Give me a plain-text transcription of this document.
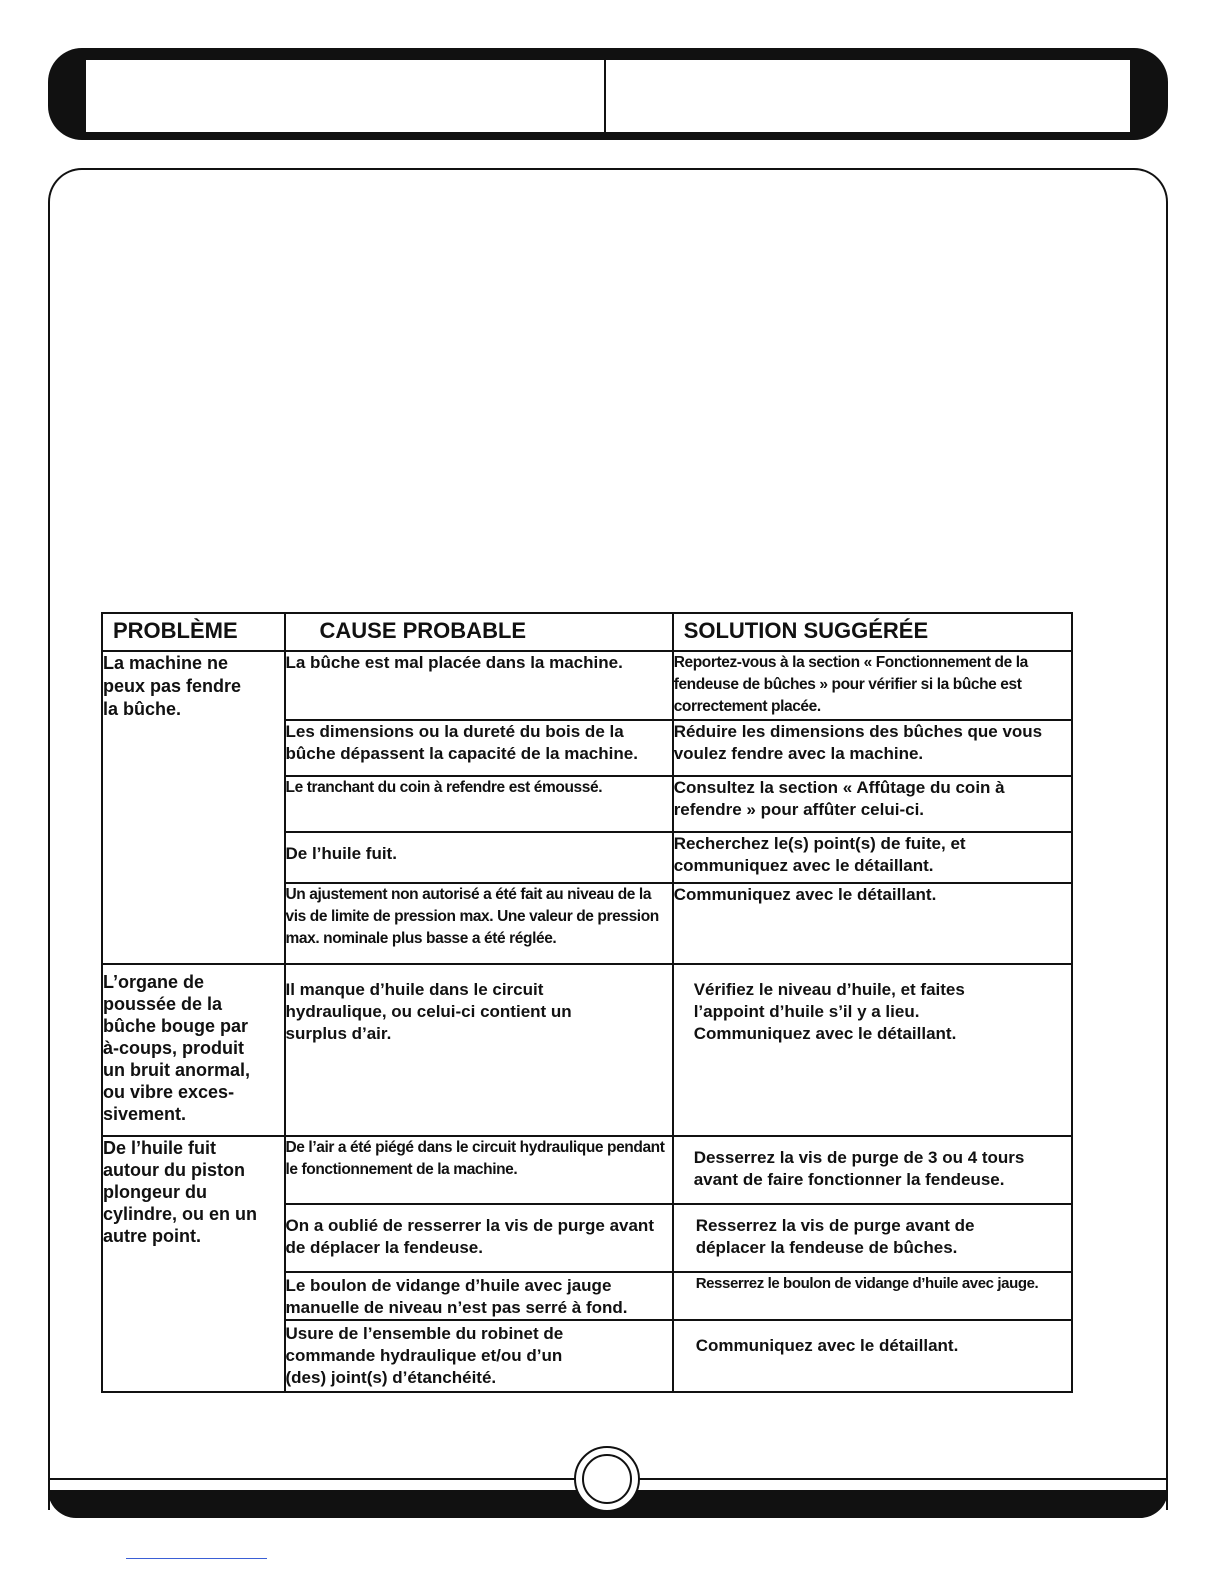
PROBLÈME	CAUSE PROBABLE	SOLUTION SUGGÉRÉE

La machine ne peux pas fendre la bûche.	La bûche est mal placée dans la machine.	Reportez-vous à la section « Fonctionnement de la fendeuse de bûches » pour vérifier si la bûche est correctement placée.

	Les dimensions ou la dureté du bois de la bûche dépassent la capacité de la machine.	Réduire les dimensions des bûches que vous voulez fendre avec la machine.

	Le tranchant du coin à refendre est émoussé.	Consultez la section « Affûtage du coin à refendre » pour affûter celui-ci.

	De l’huile fuit.	Recherchez le(s) point(s) de fuite, et communiquez avec le détaillant.

	Un ajustement non autorisé a été fait au niveau de la vis de limite de pression max. Une valeur de pression max. nominale plus basse a été réglée.	Communiquez avec le détaillant.

L’organe de poussée de la bûche bouge par à-coups, produit un bruit anormal, ou vibre exces- sivement.	Il manque d’huile dans le circuit hydraulique, ou celui-ci contient un surplus d’air.	Vérifiez le niveau d’huile, et faites l’appoint d’huile s’il y a lieu. Communiquez avec le détaillant.

De l’huile fuit autour du piston plongeur du cylindre, ou en un autre point.	De l’air a été piégé dans le circuit hydraulique pendant le fonctionnement de la machine.	Desserrez la vis de purge de 3 ou 4 tours avant de faire fonctionner la fendeuse.

	On a oublié de resserrer la vis de purge avant de déplacer la fendeuse.	Resserrez la vis de purge avant de déplacer la fendeuse de bûches.

	Le boulon de vidange d’huile avec jauge manuelle de niveau n’est pas serré à fond.	Resserrez le boulon de vidange d’huile avec jauge.

	Usure de l’ensemble du robinet de commande hydraulique et/ou d’un (des) joint(s) d’étanchéité.	Communiquez avec le détaillant.
